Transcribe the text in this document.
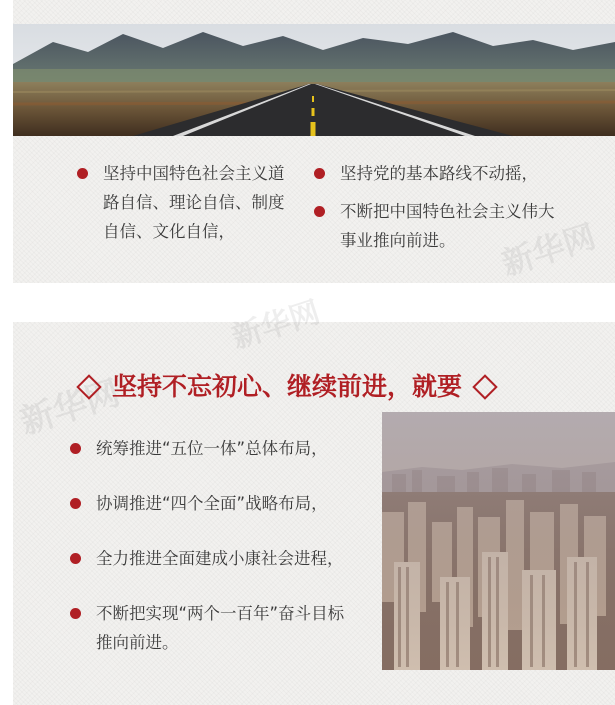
新华网
新华网
新华网
坚持中国特色社会主义道路自信、理论自信、制度自信、文化自信，
坚持党的基本路线不动摇，
不断把中国特色社会主义伟大事业推向前进。
坚持不忘初心、继续前进，就要
统筹推进“五位一体”总体布局，
协调推进“四个全面”战略布局，
全力推进全面建成小康社会进程，
不断把实现“两个一百年”奋斗目标推向前进。
